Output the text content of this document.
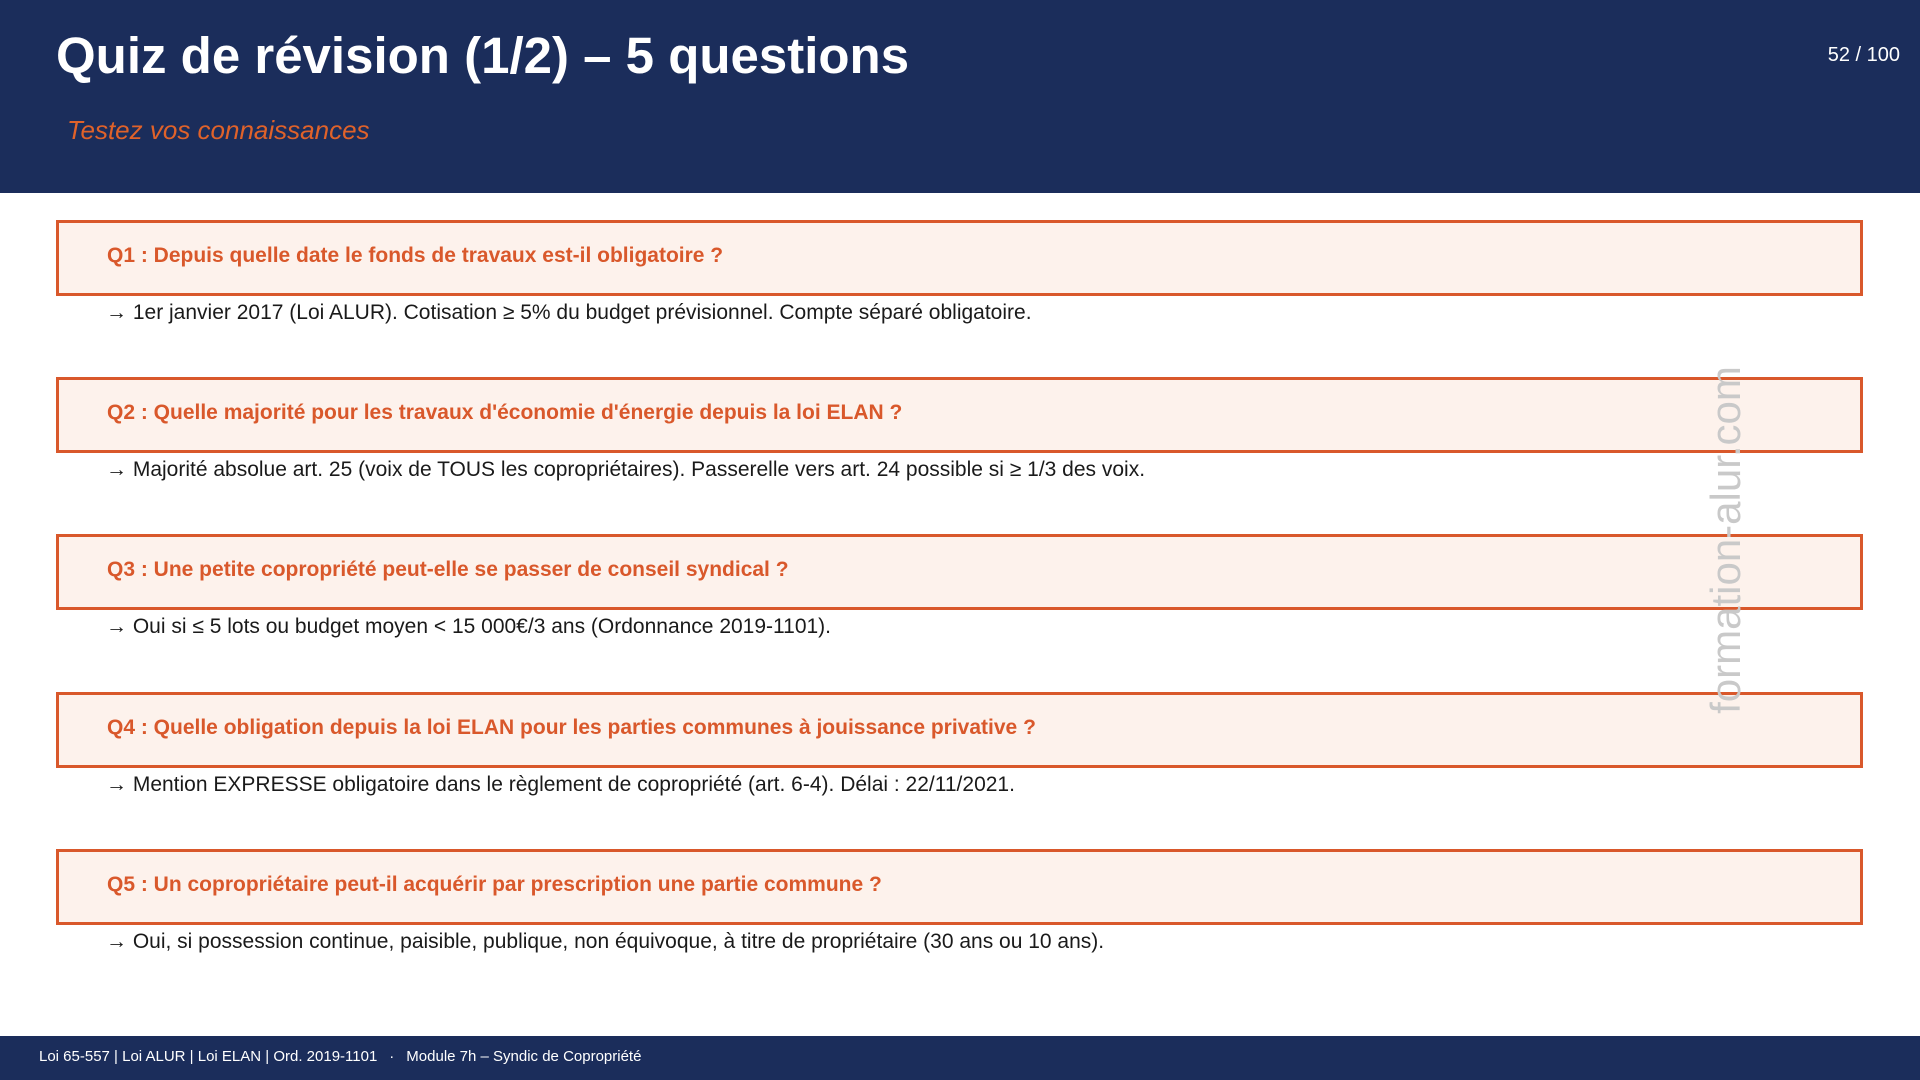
Quiz de révision (1/2) – 5 questions
Testez vos connaissances
52 / 100
Q1 : Depuis quelle date le fonds de travaux est-il obligatoire ?
→ 1er janvier 2017 (Loi ALUR). Cotisation ≥ 5% du budget prévisionnel. Compte séparé obligatoire.
Q2 : Quelle majorité pour les travaux d'économie d'énergie depuis la loi ELAN ?
→ Majorité absolue art. 25 (voix de TOUS les copropriétaires). Passerelle vers art. 24 possible si ≥ 1/3 des voix.
Q3 : Une petite copropriété peut-elle se passer de conseil syndical ?
→ Oui si ≤ 5 lots ou budget moyen < 15 000€/3 ans (Ordonnance 2019-1101).
Q4 : Quelle obligation depuis la loi ELAN pour les parties communes à jouissance privative ?
→ Mention EXPRESSE obligatoire dans le règlement de copropriété (art. 6-4). Délai : 22/11/2021.
Q5 : Un copropriétaire peut-il acquérir par prescription une partie commune ?
→ Oui, si possession continue, paisible, publique, non équivoque, à titre de propriétaire (30 ans ou 10 ans).
formation-alur.com
Loi 65-557 | Loi ALUR | Loi ELAN | Ord. 2019-1101 · Module 7h – Syndic de Copropriété
